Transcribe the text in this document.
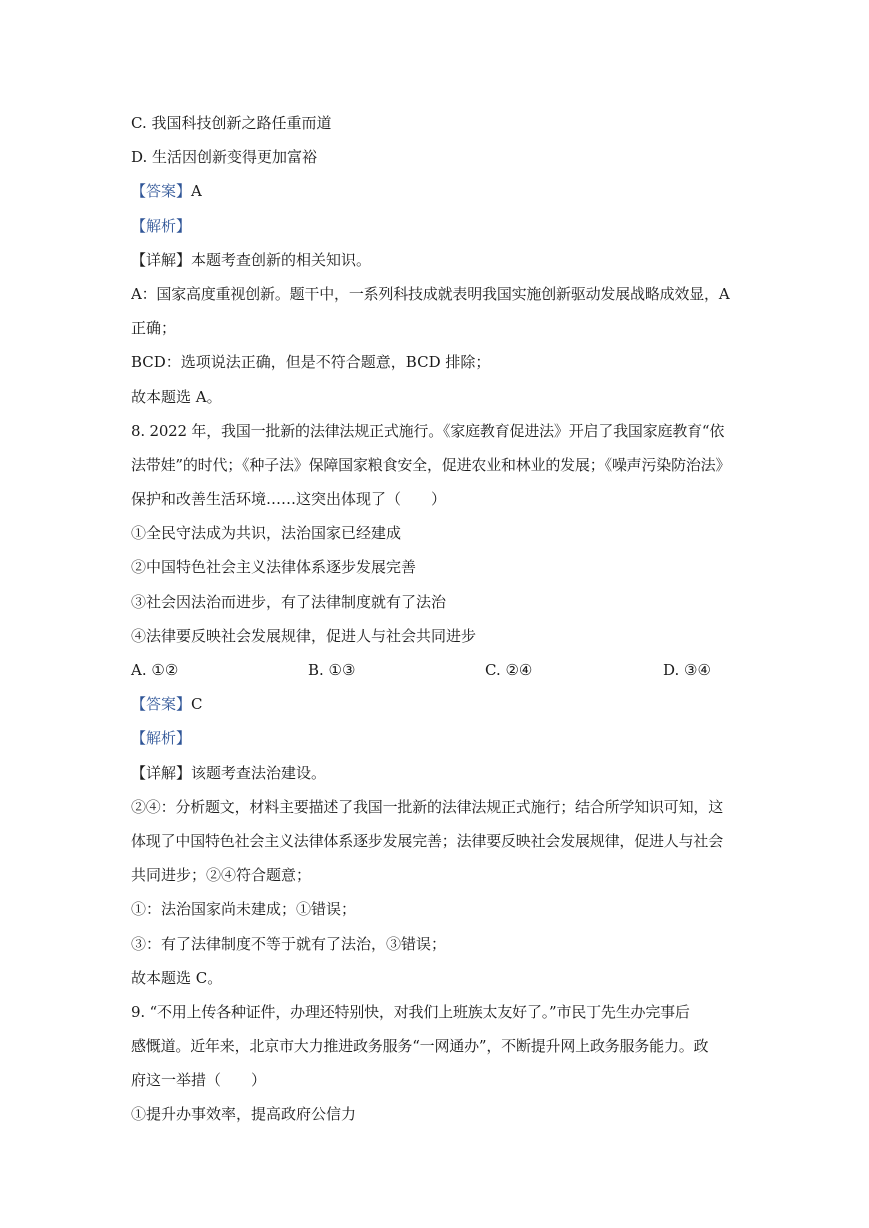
C. 我国科技创新之路任重而道
D. 生活因创新变得更加富裕
【答案】A
【解析】
【详解】本题考查创新的相关知识。
A：国家高度重视创新。题干中，一系列科技成就表明我国实施创新驱动发展战略成效显，A
正确；
BCD：选项说法正确，但是不符合题意，BCD 排除；
故本题选 A。
8. 2022 年，我国一批新的法律法规正式施行。《家庭教育促进法》开启了我国家庭教育“依
法带娃”的时代；《种子法》保障国家粮食安全，促进农业和林业的发展；《噪声污染防治法》
保护和改善生活环境……这突出体现了（　　）
①全民守法成为共识，法治国家已经建成
②中国特色社会主义法律体系逐步发展完善
③社会因法治而进步，有了法律制度就有了法治
④法律要反映社会发展规律，促进人与社会共同进步
A. ①②	B. ①③	C. ②④	D. ③④
【答案】C
【解析】
【详解】该题考查法治建设。
②④：分析题文，材料主要描述了我国一批新的法律法规正式施行；结合所学知识可知，这
体现了中国特色社会主义法律体系逐步发展完善；法律要反映社会发展规律，促进人与社会
共同进步；②④符合题意；
①：法治国家尚未建成；①错误；
③：有了法律制度不等于就有了法治，③错误；
故本题选 C。
9. “不用上传各种证件，办理还特别快，对我们上班族太友好了。”市民丁先生办完事后
感慨道。近年来，北京市大力推进政务服务“一网通办”，不断提升网上政务服务能力。政
府这一举措（　　）
①提升办事效率，提高政府公信力
